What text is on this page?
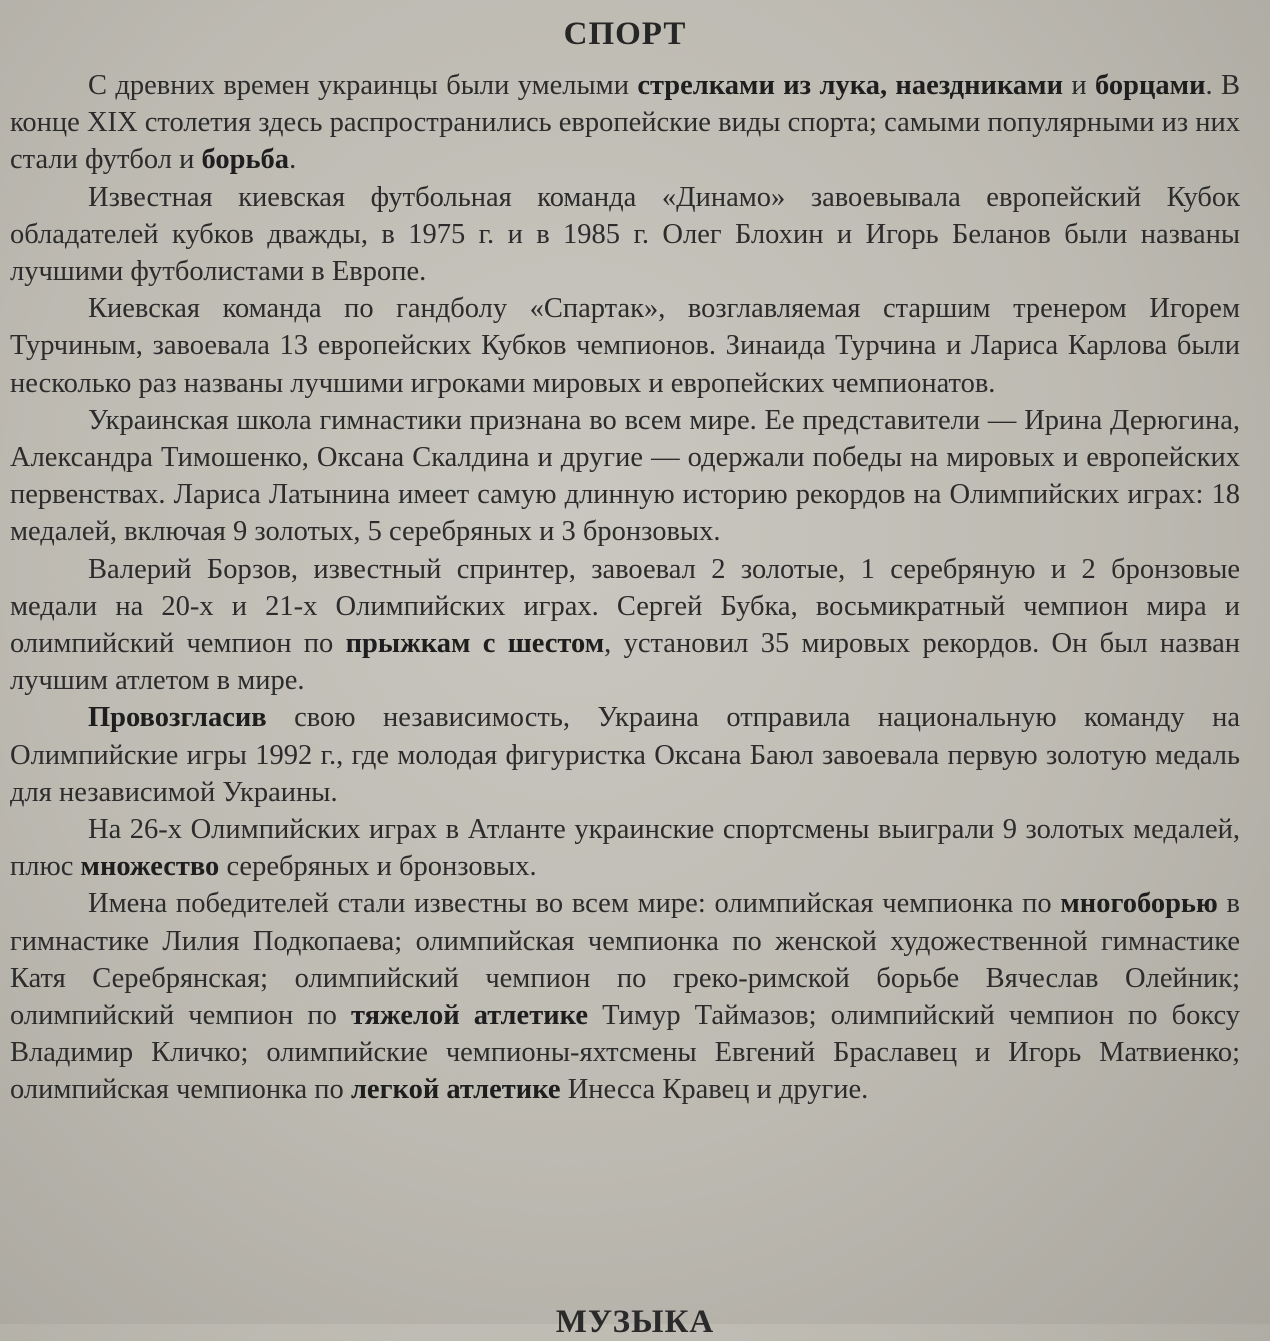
СПОРТ

С древних времен украинцы были умелыми стрелками из лука, наездниками и борцами. В конце XIX столетия здесь распространились европейские виды спорта; самыми популярными из них стали футбол и борьба.

Известная киевская футбольная команда «Динамо» завоевывала европейский Кубок обладателей кубков дважды, в 1975 г. и в 1985 г. Олег Блохин и Игорь Беланов были названы лучшими футболистами в Европе.

Киевская команда по гандболу «Спартак», возглавляемая старшим тренером Игорем Турчиным, завоевала 13 европейских Кубков чемпионов. Зинаида Турчина и Лариса Карлова были несколько раз названы лучшими игроками мировых и европейских чемпионатов.

Украинская школа гимнастики признана во всем мире. Ее представители — Ирина Дерюгина, Александра Тимошенко, Оксана Скалдина и другие — одержали победы на мировых и европейских первенствах. Лариса Латынина имеет самую длинную историю рекордов на Олимпийских играх: 18 медалей, включая 9 золотых, 5 серебряных и 3 бронзовых.

Валерий Борзов, известный спринтер, завоевал 2 золотые, 1 серебряную и 2 бронзовые медали на 20-х и 21-х Олимпийских играх. Сергей Бубка, восьмикратный чемпион мира и олимпийский чемпион по прыжкам с шестом, установил 35 мировых рекордов. Он был назван лучшим атлетом в мире.

Провозгласив свою независимость, Украина отправила национальную команду на Олимпийские игры 1992 г., где молодая фигуристка Оксана Баюл завоевала первую золотую медаль для независимой Украины.

На 26-х Олимпийских играх в Атланте украинские спортсмены выиграли 9 золотых медалей, плюс множество серебряных и бронзовых.

Имена победителей стали известны во всем мире: олимпийская чемпионка по многоборью в гимнастике Лилия Подкопаева; олимпийская чемпионка по женской художественной гимнастике Катя Серебрянская; олимпийский чемпион по греко-римской борьбе Вячеслав Олейник; олимпийский чемпион по тяжелой атлетике Тимур Таймазов; олимпийский чемпион по боксу Владимир Кличко; олимпийские чемпионы-яхтсмены Евгений Браславец и Игорь Матвиенко; олимпийская чемпионка по легкой атлетике Инесса Кравец и другие.

МУЗЫКА
